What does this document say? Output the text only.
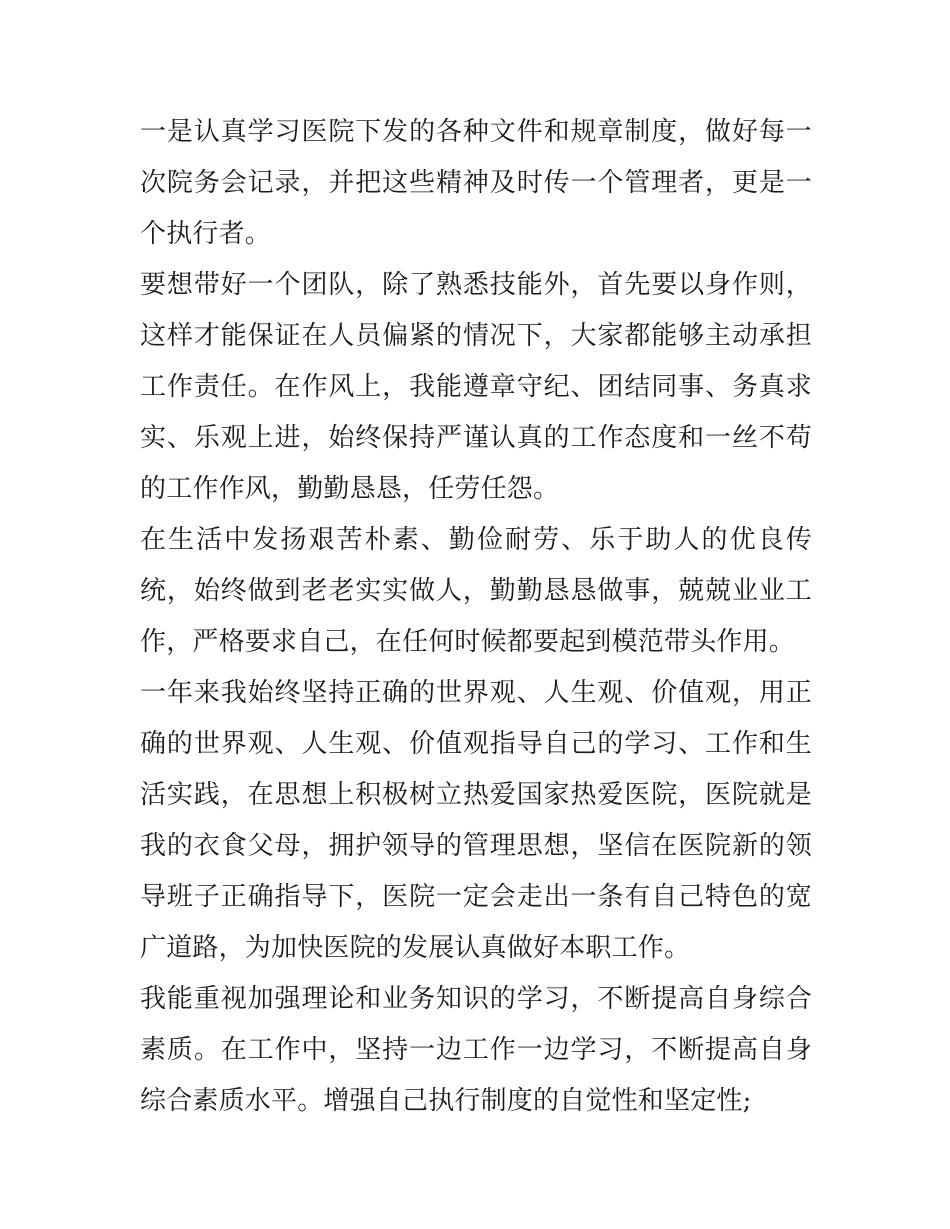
一是认真学习医院下发的各种文件和规章制度，做好每一次院务会记录，并把这些精神及时传一个管理者，更是一个执行者。

要想带好一个团队，除了熟悉技能外，首先要以身作则，这样才能保证在人员偏紧的情况下，大家都能够主动承担工作责任。在作风上，我能遵章守纪、团结同事、务真求实、乐观上进，始终保持严谨认真的工作态度和一丝不苟的工作作风，勤勤恳恳，任劳任怨。

在生活中发扬艰苦朴素、勤俭耐劳、乐于助人的优良传统，始终做到老老实实做人，勤勤恳恳做事，兢兢业业工作，严格要求自己，在任何时候都要起到模范带头作用。

一年来我始终坚持正确的世界观、人生观、价值观，用正确的世界观、人生观、价值观指导自己的学习、工作和生活实践，在思想上积极树立热爱国家热爱医院，医院就是我的衣食父母，拥护领导的管理思想，坚信在医院新的领导班子正确指导下，医院一定会走出一条有自己特色的宽广道路，为加快医院的发展认真做好本职工作。

我能重视加强理论和业务知识的学习，不断提高自身综合素质。在工作中，坚持一边工作一边学习，不断提高自身综合素质水平。增强自己执行制度的自觉性和坚定性;
